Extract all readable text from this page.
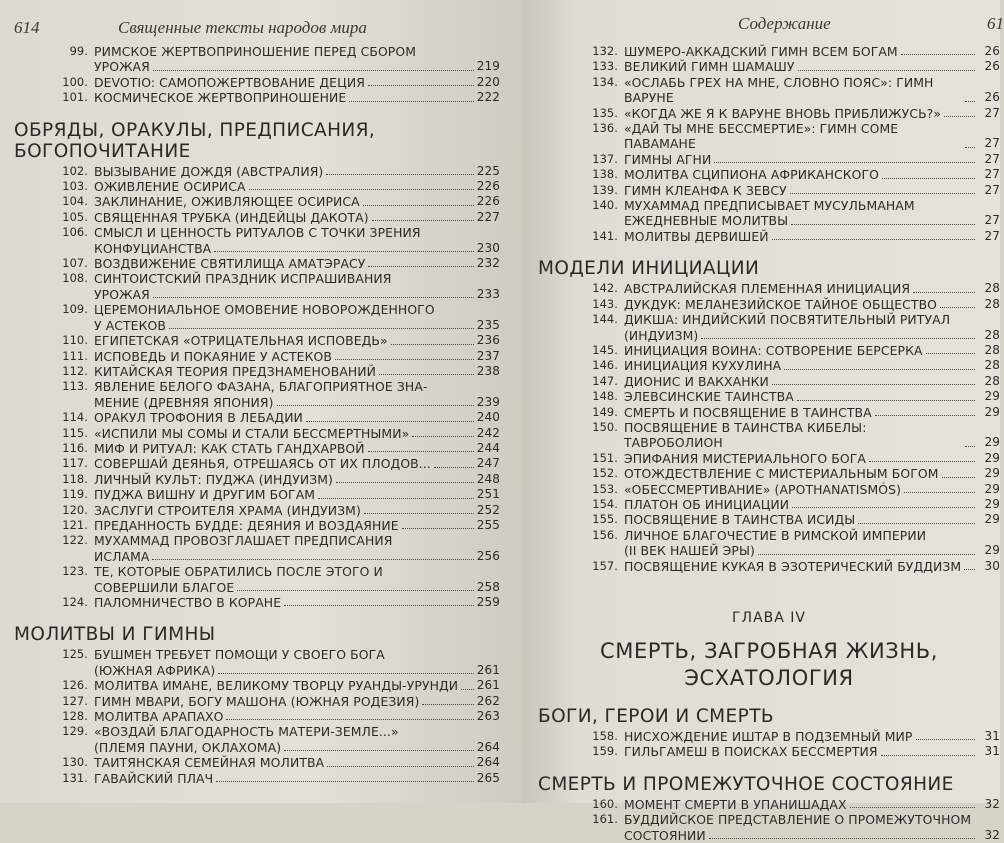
614	Священные тексты народов мира
99. РИМСКОЕ ЖЕРТВОПРИНОШЕНИЕ ПЕРЕД СБОРОМ
УРОЖАЯ	219
100. DEVOTIO: САМОПОЖЕРТВОВАНИЕ ДЕЦИЯ	220
101. КОСМИЧЕСКОЕ ЖЕРТВОПРИНОШЕНИЕ	222
ОБРЯДЫ, ОРАКУЛЫ, ПРЕДПИСАНИЯ,
БОГОПОЧИТАНИЕ
102. ВЫЗЫВАНИЕ ДОЖДЯ (АВСТРАЛИЯ)	225
103. ОЖИВЛЕНИЕ ОСИРИСА	226
104. ЗАКЛИНАНИЕ, ОЖИВЛЯЮЩЕЕ ОСИРИСА	226
105. СВЯЩЕННАЯ ТРУБКА (ИНДЕЙЦЫ ДАКОТА)	227
106. СМЫСЛ И ЦЕННОСТЬ РИТУАЛОВ С ТОЧКИ ЗРЕНИЯ
КОНФУЦИАНСТВА	230
107. ВОЗДВИЖЕНИЕ СВЯТИЛИЩА АМАТЭРАСУ	232
108. СИНТОИСТСКИЙ ПРАЗДНИК ИСПРАШИВАНИЯ
УРОЖАЯ	233
109. ЦЕРЕМОНИАЛЬНОЕ ОМОВЕНИЕ НОВОРОЖДЕННОГО
У АСТЕКОВ	235
110. ЕГИПЕТСКАЯ «ОТРИЦАТЕЛЬНАЯ ИСПОВЕДЬ»	236
111. ИСПОВЕДЬ И ПОКАЯНИЕ У АСТЕКОВ	237
112. КИТАЙСКАЯ ТЕОРИЯ ПРЕДЗНАМЕНОВАНИЙ	238
113. ЯВЛЕНИЕ БЕЛОГО ФАЗАНА, БЛАГОПРИЯТНОЕ ЗНА-
МЕНИЕ (ДРЕВНЯЯ ЯПОНИЯ)	239
114. ОРАКУЛ ТРОФОНИЯ В ЛЕБАДИИ	240
115. «ИСПИЛИ МЫ СОМЫ И СТАЛИ БЕССМЕРТНЫМИ»	242
116. МИФ И РИТУАЛ: КАК СТАТЬ ГАНДХАРВОЙ	244
117. СОВЕРШАЙ ДЕЯНЬЯ, ОТРЕШАЯСЬ ОТ ИХ ПЛОДОВ...	247
118. ЛИЧНЫЙ КУЛЬТ: ПУДЖА (ИНДУИЗМ)	248
119. ПУДЖА ВИШНУ И ДРУГИМ БОГАМ	251
120. ЗАСЛУГИ СТРОИТЕЛЯ ХРАМА (ИНДУИЗМ)	252
121. ПРЕДАННОСТЬ БУДДЕ: ДЕЯНИЯ И ВОЗДАЯНИЕ	255
122. МУХАММАД ПРОВОЗГЛАШАЕТ ПРЕДПИСАНИЯ
ИСЛАМА	256
123. ТЕ, КОТОРЫЕ ОБРАТИЛИСЬ ПОСЛЕ ЭТОГО И
СОВЕРШИЛИ БЛАГОЕ	258
124. ПАЛОМНИЧЕСТВО В КОРАНЕ	259
МОЛИТВЫ И ГИМНЫ
125. БУШМЕН ТРЕБУЕТ ПОМОЩИ У СВОЕГО БОГА
(ЮЖНАЯ АФРИКА)	261
126. МОЛИТВА ИМАНЕ, ВЕЛИКОМУ ТВОРЦУ РУАНДЫ-УРУНДИ 261
127. ГИМН МВАРИ, БОГУ МАШОНА (ЮЖНАЯ РОДЕЗИЯ)	262
128. МОЛИТВА АРАПАХО	263
129. «ВОЗДАЙ БЛАГОДАРНОСТЬ МАТЕРИ-ЗЕМЛЕ...»
(ПЛЕМЯ ПАУНИ, ОКЛАХОМА)	264
130. ТАИТЯНСКАЯ СЕМЕЙНАЯ МОЛИТВА	264
131. ГАВАЙСКИЙ ПЛАЧ	265
Содержание	61
132. ШУМЕРО-АККАДСКИЙ ГИМН ВСЕМ БОГАМ	26
133. ВЕЛИКИЙ ГИМН ШАМАШУ	26
134. «ОСЛАБЬ ГРЕХ НА МНЕ, СЛОВНО ПОЯС»: ГИМН ВАРУНЕ	26
135. «КОГДА ЖЕ Я К ВАРУНЕ ВНОВЬ ПРИБЛИЖУСЬ?»	27
136. «ДАЙ ТЫ МНЕ БЕССМЕРТИЕ»: ГИМН СОМЕ ПАВАМАНЕ	27
137. ГИМНЫ АГНИ	27
138. МОЛИТВА СЦИПИОНА АФРИКАНСКОГО	27
139. ГИМН КЛЕАНФА К ЗЕВСУ	27
140. МУХАММАД ПРЕДПИСЫВАЕТ МУСУЛЬМАНАМ
ЕЖЕДНЕВНЫЕ МОЛИТВЫ	27
141. МОЛИТВЫ ДЕРВИШЕЙ	27
МОДЕЛИ ИНИЦИАЦИИ
142. АВСТРАЛИЙСКАЯ ПЛЕМЕННАЯ ИНИЦИАЦИЯ	28
143. ДУКДУК: МЕЛАНЕЗИЙСКОЕ ТАЙНОЕ ОБЩЕСТВО	28
144. ДИКША: ИНДИЙСКИЙ ПОСВЯТИТЕЛЬНЫЙ РИТУАЛ
(ИНДУИЗМ)	28
145. ИНИЦИАЦИЯ ВОИНА: СОТВОРЕНИЕ БЕРСЕРКА	28
146. ИНИЦИАЦИЯ КУХУЛИНА	28
147. ДИОНИС И ВАКХАНКИ	28
148. ЭЛЕВСИНСКИЕ ТАИНСТВА	29
149. СМЕРТЬ И ПОСВЯЩЕНИЕ В ТАИНСТВА	29
150. ПОСВЯЩЕНИЕ В ТАИНСТВА КИБЕЛЫ: ТАВРОБОЛИОН	29
151. ЭПИФАНИЯ МИСТЕРИАЛЬНОГО БОГА	29
152. ОТОЖДЕСТВЛЕНИЕ С МИСТЕРИАЛЬНЫМ БОГОМ	29
153. «ОБЕССМЕРТИВАНИЕ» (APOTHANATISMÓS)	29
154. ПЛАТОН ОБ ИНИЦИАЦИИ	29
155. ПОСВЯЩЕНИЕ В ТАИНСТВА ИСИДЫ	29
156. ЛИЧНОЕ БЛАГОЧЕСТИЕ В РИМСКОЙ ИМПЕРИИ
(II ВЕК НАШЕЙ ЭРЫ)	29
157. ПОСВЯЩЕНИЕ КУКАЯ В ЭЗОТЕРИЧЕСКИЙ БУДДИЗМ	30
ГЛАВА IV
СМЕРТЬ, ЗАГРОБНАЯ ЖИЗНЬ,
ЭСХАТОЛОГИЯ
БОГИ, ГЕРОИ И СМЕРТЬ
158. НИСХОЖДЕНИЕ ИШТАР В ПОДЗЕМНЫЙ МИР	31
159. ГИЛЬГАМЕШ В ПОИСКАХ БЕССМЕРТИЯ	31
СМЕРТЬ И ПРОМЕЖУТОЧНОЕ СОСТОЯНИЕ
160. МОМЕНТ СМЕРТИ В УПАНИШАДАХ	32
161. БУДДИЙСКОЕ ПРЕДСТАВЛЕНИЕ О ПРОМЕЖУТОЧНОМ
СОСТОЯНИИ	32
